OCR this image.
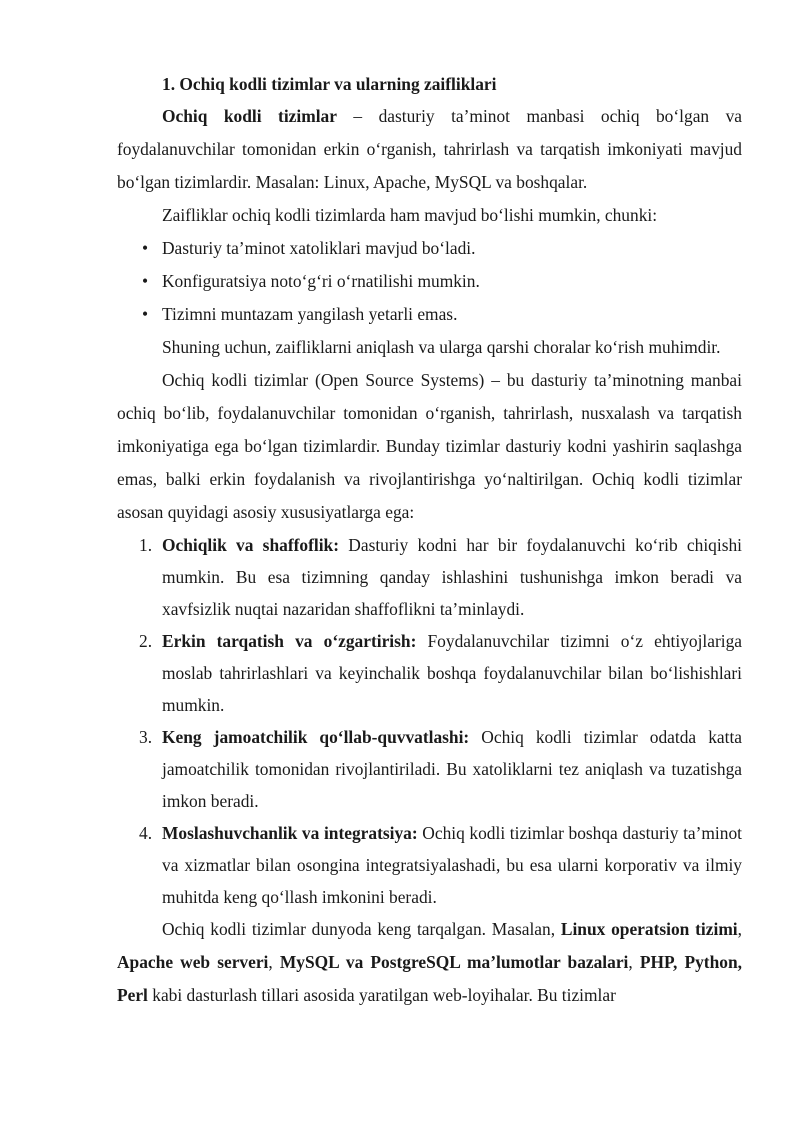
1. Ochiq kodli tizimlar va ularning zaifliklari

Ochiq kodli tizimlar – dasturiy ta’minot manbasi ochiq bo‘lgan va foydalanuvchilar tomonidan erkin o‘rganish, tahrirlash va tarqatish imkoniyati mavjud bo‘lgan tizimlardir. Masalan: Linux, Apache, MySQL va boshqalar.

Zaifliklar ochiq kodli tizimlarda ham mavjud bo‘lishi mumkin, chunki:

• Dasturiy ta’minot xatoliklari mavjud bo‘ladi.
• Konfiguratsiya noto‘g‘ri o‘rnatilishi mumkin.
• Tizimni muntazam yangilash yetarli emas.

Shuning uchun, zaifliklarni aniqlash va ularga qarshi choralar ko‘rish muhimdir.

Ochiq kodli tizimlar (Open Source Systems) – bu dasturiy ta’minotning manbai ochiq bo‘lib, foydalanuvchilar tomonidan o‘rganish, tahrirlash, nusxalash va tarqatish imkoniyatiga ega bo‘lgan tizimlardir. Bunday tizimlar dasturiy kodni yashirin saqlashga emas, balki erkin foydalanish va rivojlantirishga yo‘naltirilgan. Ochiq kodli tizimlar asosan quyidagi asosiy xususiyatlarga ega:

1. Ochiqlik va shaffoflik: Dasturiy kodni har bir foydalanuvchi ko‘rib chiqishi mumkin. Bu esa tizimning qanday ishlashini tushunishga imkon beradi va xavfsizlik nuqtai nazaridan shaffoflikni ta’minlaydi.
2. Erkin tarqatish va o‘zgartirish: Foydalanuvchilar tizimni o‘z ehtiyojlariga moslab tahrirlashlari va keyinchalik boshqa foydalanuvchilar bilan bo‘lishishlari mumkin.
3. Keng jamoatchilik qo‘llab-quvvatlashi: Ochiq kodli tizimlar odatda katta jamoatchilik tomonidan rivojlantiriladi. Bu xatoliklarni tez aniqlash va tuzatishga imkon beradi.
4. Moslashuvchanlik va integratsiya: Ochiq kodli tizimlar boshqa dasturiy ta’minot va xizmatlar bilan osongina integratsiyalashadi, bu esa ularni korporativ va ilmiy muhitda keng qo‘llash imkonini beradi.

Ochiq kodli tizimlar dunyoda keng tarqalgan. Masalan, Linux operatsion tizimi, Apache web serveri, MySQL va PostgreSQL ma’lumotlar bazalari, PHP, Python, Perl kabi dasturlash tillari asosida yaratilgan web-loyihalar. Bu tizimlar
